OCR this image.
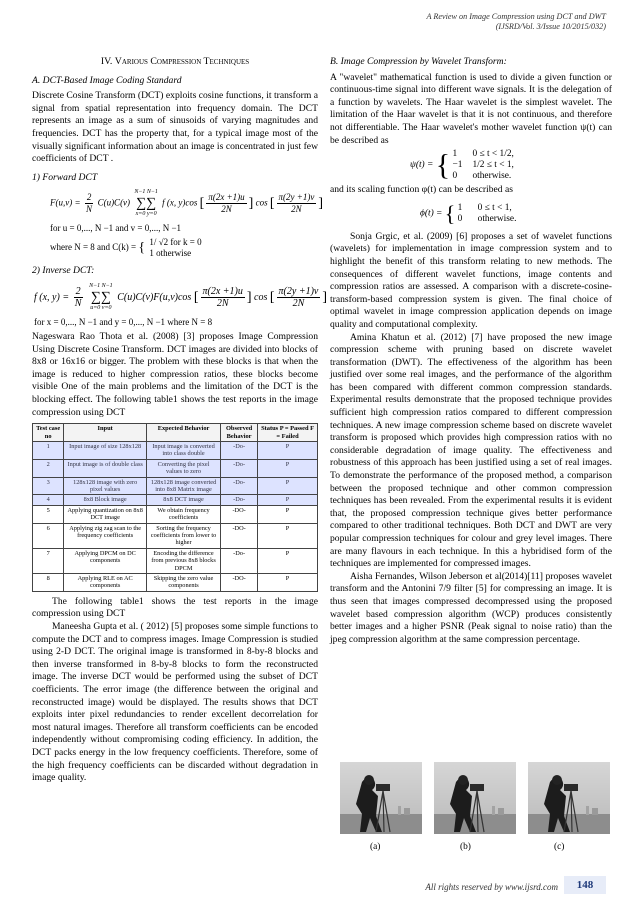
A Review on Image Compression using DCT and DWT
(IJSRD/Vol. 3/Issue 10/2015/032)
IV. Various Compression Techniques
A. DCT-Based Image Coding Standard

Discrete Cosine Transform (DCT) exploits cosine functions, it transform a signal from spatial representation into frequency domain. The DCT represents an image as a sum of sinusoids of varying magnitudes and frequencies. DCT has the property that, for a typical image most of the visually significant information about an image is concentrated in just few coefficients of DCT .

1) Forward DCT
$F(u,v) = \frac{2}{N} C(u)C(v)$
N−1 N−1
∑∑
x=0 y=0
f (x, y)cos [ $\frac{\pi(2x +1)u}{2N}$ ] cos [ $\frac{\pi(2y +1)v}{2N}$ ]
for u = 0,..., N −1 and v = 0,..., N −1
where N = 8 and C(k) = { 1/ √2 for k = 0
1 otherwise
2) Inverse DCT:
f (x, $y) = \frac{2}{N}$
N−1 N−1
∑∑
u=0 v=0
C(u)C(v)F(u,v)cos [ $\frac{\pi(2x +1)u}{2N}$ ] cos [ $\frac{\pi(2y +1)v}{2N}$ ]
for x = 0,..., N −1 and y = 0,..., N −1 where N = 8

Nageswara Rao Thota et al. (2008) [3] proposes Image Compression Using Discrete Cosine Transform. DCT images are divided into blocks of 8x8 or 16x16 or bigger. The problem with these blocks is that when the image is reduced to higher compression ratios, these blocks become visible One of the main problems and the limitation of the DCT is the blocking effect. The following table1 shows the test reports in the image compression using DCT

Test case no	Input	Expected Behavior	Observed Behavior	Status P = Passed F = Failed
1	Input image of size 128x128	Input image is converted into class double	-Do-	P
2	Input image is of double class	Converting the pixel values to zero	-Do-	P
3	128x128 image with zero pixel values	128x128 image converted into 8x8 Matrix image	-Do-	P
4	8x8 Block image	8x8 DCT image	-Do-	P
5	Applying quantization on 8x8 DCT image	We obtain frequency coefficients	-DO-	P
6	Applying zig zag scan to the frequency coefficients	Sorting the frequency coefficients from lower to higher	-DO-	P
7	Applying DPCM on DC components	Encoding the difference from previous 8x8 blocks DPCM	-Do-	P
8	Applying RLE on AC components	Skipping the zero value components	-DO-	P

The following table1 shows the test reports in the image compression using DCT

Maneesha Gupta et al. ( 2012) [5] proposes some simple functions to compute the DCT and to compress images. Image Compression is studied using 2-D DCT. The original image is transformed in 8-by-8 blocks and then inverse transformed in 8-by-8 blocks to form the reconstructed image. The inverse DCT would be performed using the subset of DCT coefficients. The error image (the difference between the original and reconstructed image) would be displayed. The results shows that DCT exploits inter pixel redundancies to render excellent decorrelation for most natural images. Therefore all transform coefficients can be encoded independently without compromising coding efficiency. In addition, the DCT packs energy in the low frequency coefficients. Therefore, some of the high frequency coefficients can be discarded without degradation in image quality.

B. Image Compression by Wavelet Transform:

A "wavelet" mathematical function is used to divide a given function or continuous-time signal into different wave signals. It is the delegation of a function by wavelets. The Haar wavelet is the simplest wavelet. The limitation of the Haar wavelet is that it is not continuous, and therefore not differentiable. The Haar wavelet's mother wavelet function ψ(t) can be described as

ψ(t) = { 1 0 ≤ t < 1/2,
−1 1/2 ≤ t < 1,
0 otherwise.

and its scaling function φ(t) can be described as

ϕ(t) = { 1 0 ≤ t < 1,
0 otherwise.

Sonja Grgic, et al. (2009) [6] proposes a set of wavelet functions (wavelets) for implementation in image compression system and to highlight the benefit of this transform relating to new methods. The consequences of different wavelet functions, image contents and compression ratios are assessed. A comparison with a discrete-cosine-transform-based compression system is given. The final choice of optimal wavelet in image compression application depends on image quality and computational complexity.

Amina Khatun et al. (2012) [7] have proposed the new image compression scheme with pruning based on discrete wavelet transformation (DWT). The effectiveness of the algorithm has been justified over some real images, and the performance of the algorithm has been compared with different common compression standards. Experimental results demonstrate that the proposed technique provides sufficient high compression ratios compared to different compression techniques. A new image compression scheme based on discrete wavelet transform is proposed which provides high compression ratios with no considerable degradation of image quality. The effectiveness and robustness of this approach has been justified using a set of real images. To demonstrate the performance of the proposed method, a comparison between the proposed technique and other common compression techniques has been revealed. From the experimental results it is evident that, the proposed compression technique gives better performance compared to other traditional techniques. Both DCT and DWT are very popular compression techniques for colour and grey level images. There are many flavours in each technique. In this a hybridised form of the techniques are implemented for compressed images.

Aisha Fernandes, Wilson Jeberson et al(2014)[11] proposes wavelet transform and the Antonini 7/9 filter [5] for compressing an image. It is thus seen that images compressed decompressed using the proposed wavelet based compression algorithm (WCP) produces consistently better images and a higher PSNR (Peak signal to noise ratio) than the jpeg compression algorithm at the same compression percentage.

(a)	(b)	(c)
All rights reserved by www.ijsrd.com	148
